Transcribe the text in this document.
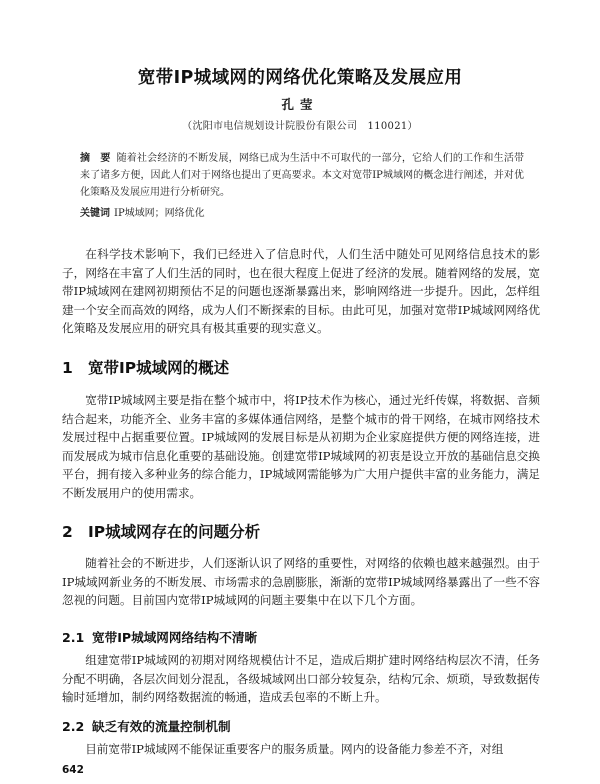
宽带IP城域网的网络优化策略及发展应用
孔莹
（沈阳市电信规划设计院股份有限公司　110021）
摘　要 随着社会经济的不断发展，网络已成为生活中不可取代的一部分，它给人们的工作和生活带来了诸多方便，因此人们对于网络也提出了更高要求。本文对宽带IP城域网的概念进行阐述，并对优化策略及发展应用进行分析研究。
关键词 IP城域网；网络优化
在科学技术影响下，我们已经进入了信息时代，人们生活中随处可见网络信息技术的影子，网络在丰富了人们生活的同时，也在很大程度上促进了经济的发展。随着网络的发展，宽带IP城域网在建网初期预估不足的问题也逐渐暴露出来，影响网络进一步提升。因此，怎样组建一个安全而高效的网络，成为人们不断探索的目标。由此可见，加强对宽带IP城域网网络优化策略及发展应用的研究具有极其重要的现实意义。
1 宽带IP城域网的概述
宽带IP城域网主要是指在整个城市中，将IP技术作为核心，通过光纤传媒，将数据、音频结合起来，功能齐全、业务丰富的多媒体通信网络，是整个城市的骨干网络，在城市网络技术发展过程中占据重要位置。IP城域网的发展目标是从初期为企业家庭提供方便的网络连接，进而发展成为城市信息化重要的基础设施。创建宽带IP城域网的初衷是设立开放的基础信息交换平台，拥有接入多种业务的综合能力，IP城域网需能够为广大用户提供丰富的业务能力，满足不断发展用户的使用需求。
2 IP城域网存在的问题分析
随着社会的不断进步，人们逐渐认识了网络的重要性，对网络的依赖也越来越强烈。由于IP城域网新业务的不断发展、市场需求的急剧膨胀，渐渐的宽带IP城域网络暴露出了一些不容忽视的问题。目前国内宽带IP城域网的问题主要集中在以下几个方面。
2.1 宽带IP城域网网络结构不清晰
组建宽带IP城域网的初期对网络规模估计不足，造成后期扩建时网络结构层次不清，任务分配不明确，各层次间划分混乱，各级城域网出口部分较复杂，结构冗余、烦琐，导致数据传输时延增加，制约网络数据流的畅通，造成丢包率的不断上升。
2.2 缺乏有效的流量控制机制
目前宽带IP城域网不能保证重要客户的服务质量。网内的设备能力参差不齐，对组
642
